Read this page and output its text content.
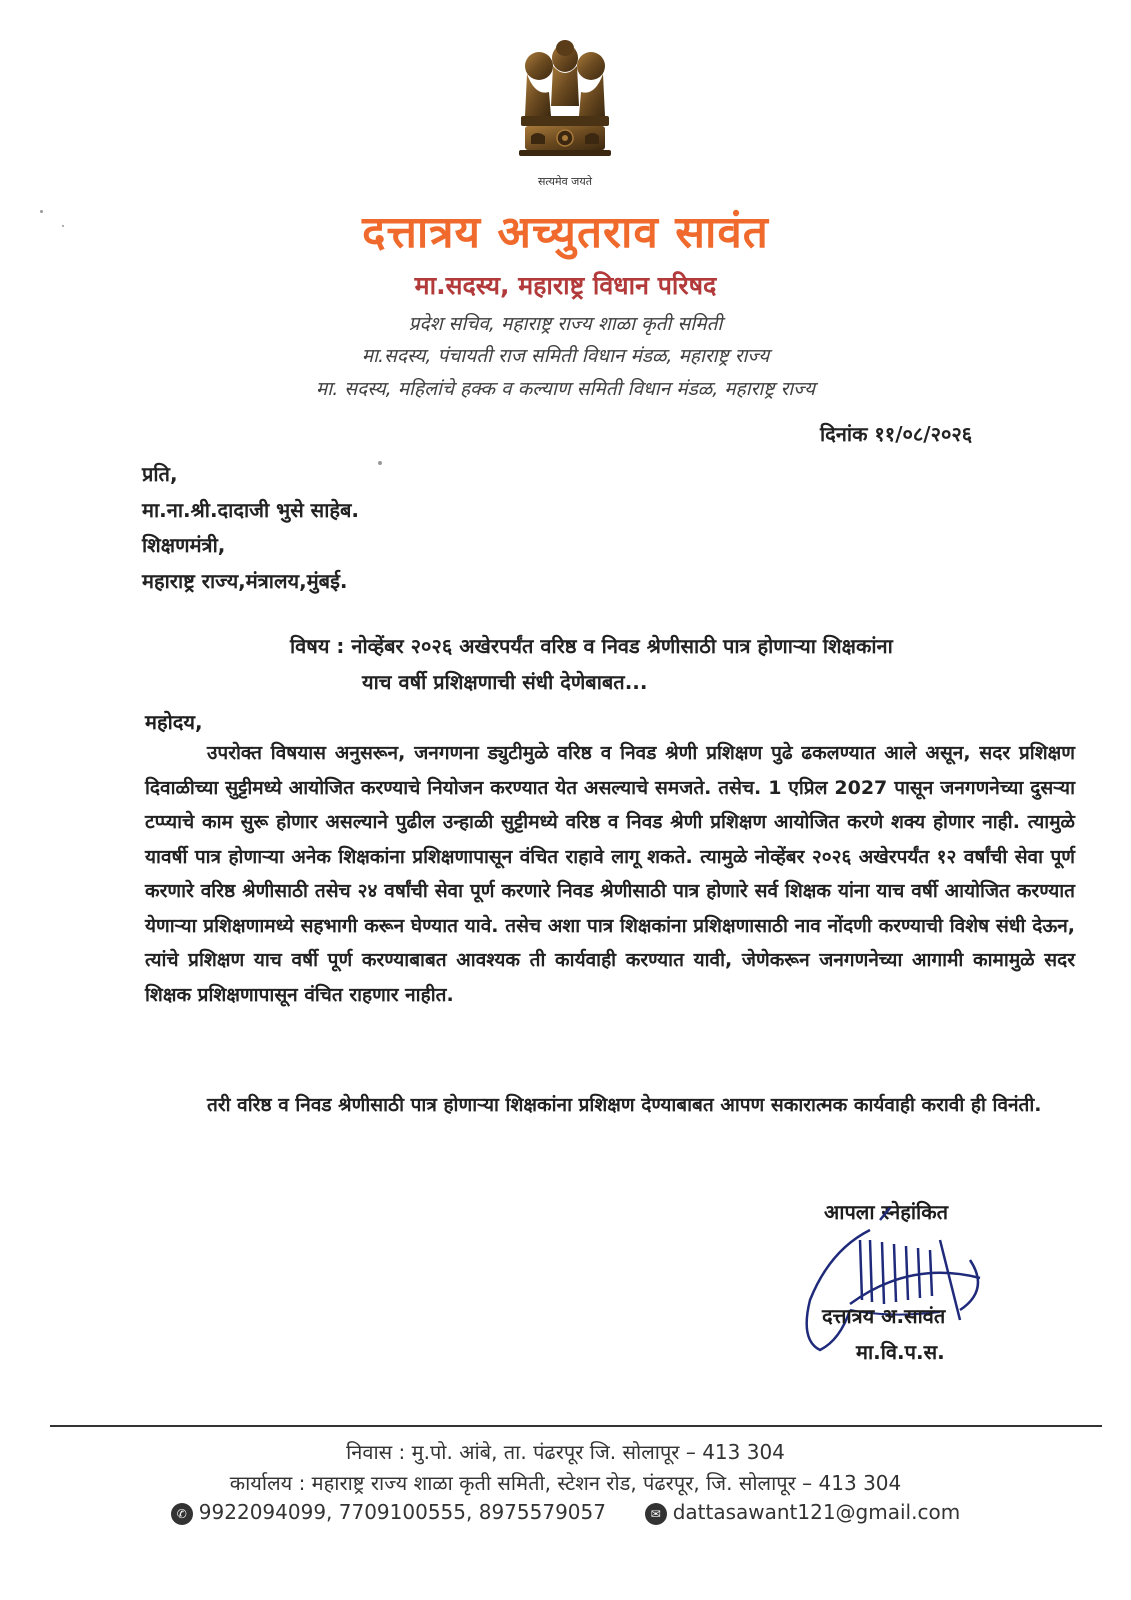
सत्यमेव जयते
दत्तात्रय अच्युतराव सावंत
मा.सदस्य, महाराष्ट्र विधान परिषद
प्रदेश सचिव, महाराष्ट्र राज्य शाळा कृती समिती
मा.सदस्य, पंचायती राज समिती विधान मंडळ, महाराष्ट्र राज्य
मा. सदस्य, महिलांचे हक्क व कल्याण समिती विधान मंडळ, महाराष्ट्र राज्य
दिनांक ११/०८/२०२६
प्रति,
मा.ना.श्री.दादाजी भुसे साहेब.
शिक्षणमंत्री,
महाराष्ट्र राज्य,मंत्रालय,मुंबई.
विषय : नोव्हेंबर २०२६ अखेरपर्यंत वरिष्ठ व निवड श्रेणीसाठी पात्र होणाऱ्या शिक्षकांना
याच वर्षी प्रशिक्षणाची संधी देणेबाबत...
महोदय,
उपरोक्त विषयास अनुसरून, जनगणना ड्युटीमुळे वरिष्ठ व निवड श्रेणी प्रशिक्षण पुढे ढकलण्यात आले असून, सदर प्रशिक्षण दिवाळीच्या सुट्टीमध्ये आयोजित करण्याचे नियोजन करण्यात येत असल्याचे समजते. तसेच. 1 एप्रिल 2027 पासून जनगणनेच्या दुसऱ्या टप्प्याचे काम सुरू होणार असल्याने पुढील उन्हाळी सुट्टीमध्ये वरिष्ठ व निवड श्रेणी प्रशिक्षण आयोजित करणे शक्य होणार नाही. त्यामुळे यावर्षी पात्र होणाऱ्या अनेक शिक्षकांना प्रशिक्षणापासून वंचित राहावे लागू शकते. त्यामुळे नोव्हेंबर २०२६ अखेरपर्यंत १२ वर्षांची सेवा पूर्ण करणारे वरिष्ठ श्रेणीसाठी तसेच २४ वर्षांची सेवा पूर्ण करणारे निवड श्रेणीसाठी पात्र होणारे सर्व शिक्षक यांना याच वर्षी आयोजित करण्यात येणाऱ्या प्रशिक्षणामध्ये सहभागी करून घेण्यात यावे. तसेच अशा पात्र शिक्षकांना प्रशिक्षणासाठी नाव नोंदणी करण्याची विशेष संधी देऊन, त्यांचे प्रशिक्षण याच वर्षी पूर्ण करण्याबाबत आवश्यक ती कार्यवाही करण्यात यावी, जेणेकरून जनगणनेच्या आगामी कामामुळे सदर शिक्षक प्रशिक्षणापासून वंचित राहणार नाहीत.
तरी वरिष्ठ व निवड श्रेणीसाठी पात्र होणाऱ्या शिक्षकांना प्रशिक्षण देण्याबाबत आपण सकारात्मक कार्यवाही करावी ही विनंती.
आपला स्नेहांकित
दत्तात्रय अ.सावंत
मा.वि.प.स.
निवास : मु.पो. आंबे, ता. पंढरपूर जि. सोलापूर – 413 304
कार्यालय : महाराष्ट्र राज्य शाळा कृती समिती, स्टेशन रोड, पंढरपूर, जि. सोलापूर – 413 304
✆ 9922094099, 7709100555, 8975579057	✉ dattasawant121@gmail.com
